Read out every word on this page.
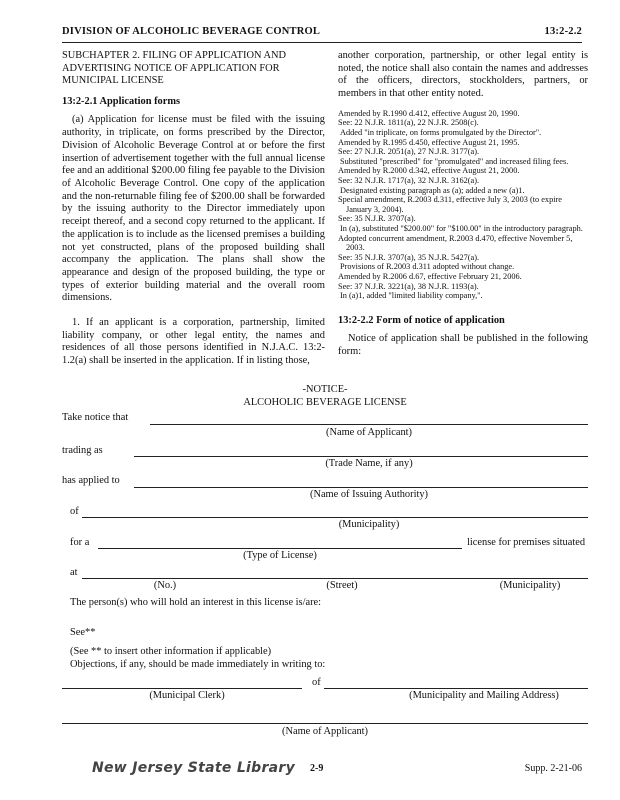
DIVISION OF ALCOHOLIC BEVERAGE CONTROL	13:2-2.2
SUBCHAPTER 2. FILING OF APPLICATION AND ADVERTISING NOTICE OF APPLICATION FOR MUNICIPAL LICENSE
13:2-2.1 Application forms

(a) Application for license must be filed with the issuing authority, in triplicate, on forms prescribed by the Director, Division of Alcoholic Beverage Control at or before the first insertion of advertisement together with the full annual license fee and an additional $200.00 filing fee payable to the Division of Alcoholic Beverage Control. One copy of the application and the non-returnable filing fee of $200.00 shall be forwarded by the issuing authority to the Director immediately upon receipt thereof, and a second copy returned to the applicant. If the application is to include as the licensed premises a building not yet constructed, plans of the proposed building shall accompany the application. The plans shall show the appearance and design of the proposed building, the type or types of exterior building material and the overall room dimensions.

1. If an applicant is a corporation, partnership, limited liability company, or other legal entity, the names and residences of all those persons identified in N.J.A.C. 13:2-1.2(a) shall be inserted in the application. If in listing those,

another corporation, partnership, or other legal entity is noted, the notice shall also contain the names and addresses of the officers, directors, stockholders, partners, or members in that other entity noted.

Amended by R.1990 d.412, effective August 20, 1990.
See: 22 N.J.R. 1811(a), 22 N.J.R. 2508(c).
Added "in triplicate, on forms promulgated by the Director".
Amended by R.1995 d.450, effective August 21, 1995.
See: 27 N.J.R. 2051(a), 27 N.J.R. 3177(a).
Substituted "prescribed" for "promulgated" and increased filing fees.
Amended by R.2000 d.342, effective August 21, 2000.
See: 32 N.J.R. 1717(a), 32 N.J.R. 3162(a).
Designated existing paragraph as (a); added a new (a)1.
Special amendment, R.2003 d.311, effective July 3, 2003 (to expire January 3, 2004).
See: 35 N.J.R. 3707(a).
In (a), substituted "$200.00" for "$100.00" in the introductory paragraph.
Adopted concurrent amendment, R.2003 d.470, effective November 5, 2003.
See: 35 N.J.R. 3707(a), 35 N.J.R. 5427(a).
Provisions of R.2003 d.311 adopted without change.
Amended by R.2006 d.67, effective February 21, 2006.
See: 37 N.J.R. 3221(a), 38 N.J.R. 1193(a).
In (a)1, added "limited liability company,".
13:2-2.2 Form of notice of application

Notice of application shall be published in the following form:

-NOTICE-
ALCOHOLIC BEVERAGE LICENSE
Take notice that
(Name of Applicant)
trading as
(Trade Name, if any)
has applied to
(Name of Issuing Authority)
of
(Municipality)
for a	license for premises situated
(Type of License)
at
(No.)	(Street)	(Municipality)
The person(s) who will hold an interest in this license is/are:
See**
(See ** to insert other information if applicable)
Objections, if any, should be made immediately in writing to:
of
(Municipal Clerk)	(Municipality and Mailing Address)
(Name of Applicant)
New Jersey State Library 2-9	Supp. 2-21-06
